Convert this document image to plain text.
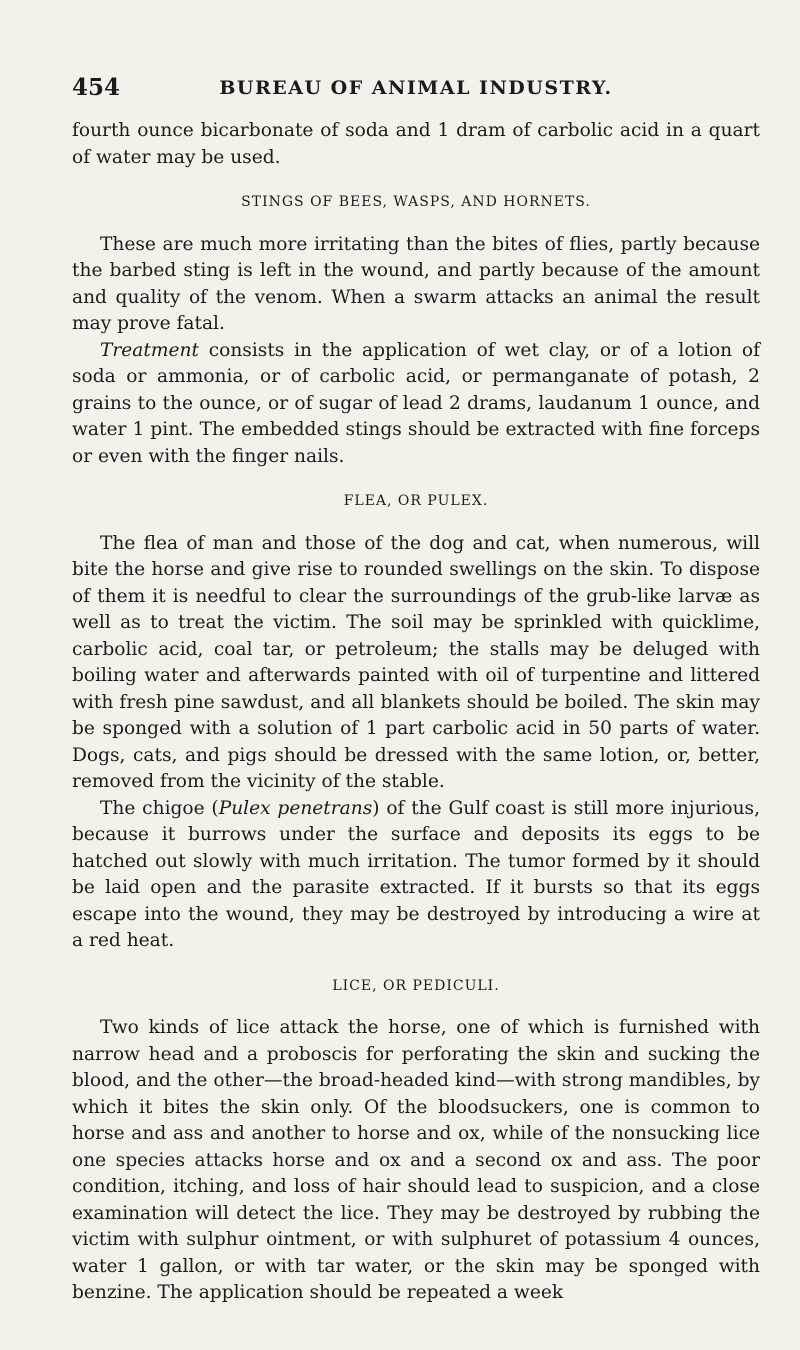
454	BUREAU OF ANIMAL INDUSTRY.

fourth ounce bicarbonate of soda and 1 dram of carbolic acid in a quart of water may be used.

STINGS OF BEES, WASPS, AND HORNETS.

These are much more irritating than the bites of flies, partly because the barbed sting is left in the wound, and partly because of the amount and quality of the venom. When a swarm attacks an animal the result may prove fatal.

Treatment consists in the application of wet clay, or of a lotion of soda or ammonia, or of carbolic acid, or permanganate of potash, 2 grains to the ounce, or of sugar of lead 2 drams, laudanum 1 ounce, and water 1 pint. The embedded stings should be extracted with fine forceps or even with the finger nails.

FLEA, OR PULEX.

The flea of man and those of the dog and cat, when numerous, will bite the horse and give rise to rounded swellings on the skin. To dispose of them it is needful to clear the surroundings of the grub-like larvæ as well as to treat the victim. The soil may be sprinkled with quicklime, carbolic acid, coal tar, or petroleum; the stalls may be deluged with boiling water and afterwards painted with oil of turpentine and littered with fresh pine sawdust, and all blankets should be boiled. The skin may be sponged with a solution of 1 part carbolic acid in 50 parts of water. Dogs, cats, and pigs should be dressed with the same lotion, or, better, removed from the vicinity of the stable.

The chigoe (Pulex penetrans) of the Gulf coast is still more injurious, because it burrows under the surface and deposits its eggs to be hatched out slowly with much irritation. The tumor formed by it should be laid open and the parasite extracted. If it bursts so that its eggs escape into the wound, they may be destroyed by introducing a wire at a red heat.

LICE, OR PEDICULI.

Two kinds of lice attack the horse, one of which is furnished with narrow head and a proboscis for perforating the skin and sucking the blood, and the other—the broad-headed kind—with strong mandibles, by which it bites the skin only. Of the bloodsuckers, one is common to horse and ass and another to horse and ox, while of the nonsucking lice one species attacks horse and ox and a second ox and ass. The poor condition, itching, and loss of hair should lead to suspicion, and a close examination will detect the lice. They may be destroyed by rubbing the victim with sulphur ointment, or with sulphuret of potassium 4 ounces, water 1 gallon, or with tar water, or the skin may be sponged with benzine. The application should be repeated a week
